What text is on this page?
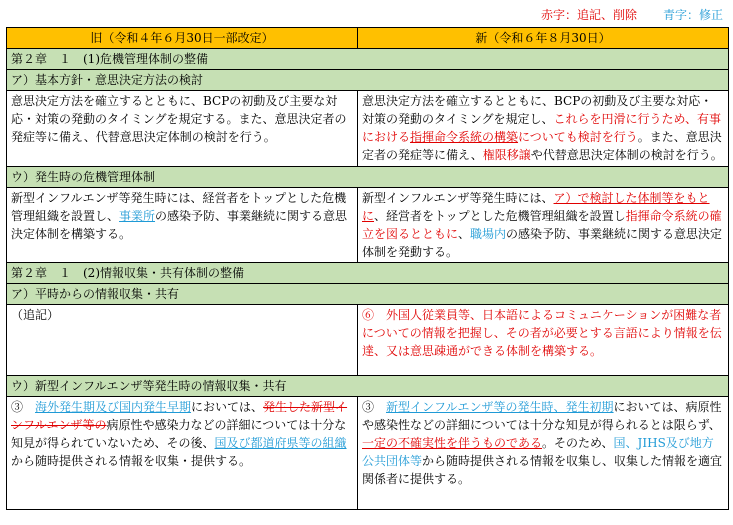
赤字：追記、削除 青字：修正
旧（令和４年６月30日一部改定）	新（令和６年８月30日）
第２章　１　(1)危機管理体制の整備	
ア）基本方針・意思決定方法の検討	
意思決定方法を確立するとともに、BCPの初動及び主要な対応・対策の発動のタイミングを規定する。また、意思決定者の発症等に備え、代替意思決定体制の検討を行う。	意思決定方法を確立するとともに、BCPの初動及び主要な対応・対策の発動のタイミングを規定し、これらを円滑に行うため、有事における指揮命令系統の構築についても検討を行う。また、意思決定者の発症等に備え、権限移譲や代替意思決定体制の検討を行う。
ウ）発生時の危機管理体制	
新型インフルエンザ等発生時には、経営者をトップとした危機管理組織を設置し、事業所の感染予防、事業継続に関する意思決定体制を構築する。	新型インフルエンザ等発生時には、ア）で検討した体制等をもとに、経営者をトップとした危機管理組織を設置し指揮命令系統の確立を図るとともに、職場内の感染予防、事業継続に関する意思決定体制を発動する。
第２章　１　(2)情報収集・共有体制の整備	
ア）平時からの情報収集・共有	
（追記）	⑥　外国人従業員等、日本語によるコミュニケーションが困難な者についての情報を把握し、その者が必要とする言語により情報を伝達、又は意思疎通ができる体制を構築する。
ウ）新型インフルエンザ等発生時の情報収集・共有	
③　海外発生期及び国内発生早期においては、発生した新型インフルエンザ等の病原性や感染力などの詳細については十分な知見が得られていないため、その後、国及び都道府県等の組織から随時提供される情報を収集・提供する。	③　新型インフルエンザ等の発生時、発生初期においては、病原性や感染性などの詳細については十分な知見が得られるとは限らず、一定の不確実性を伴うものである。そのため、国、JIHS及び地方公共団体等から随時提供される情報を収集し、収集した情報を適宜関係者に提供する。
